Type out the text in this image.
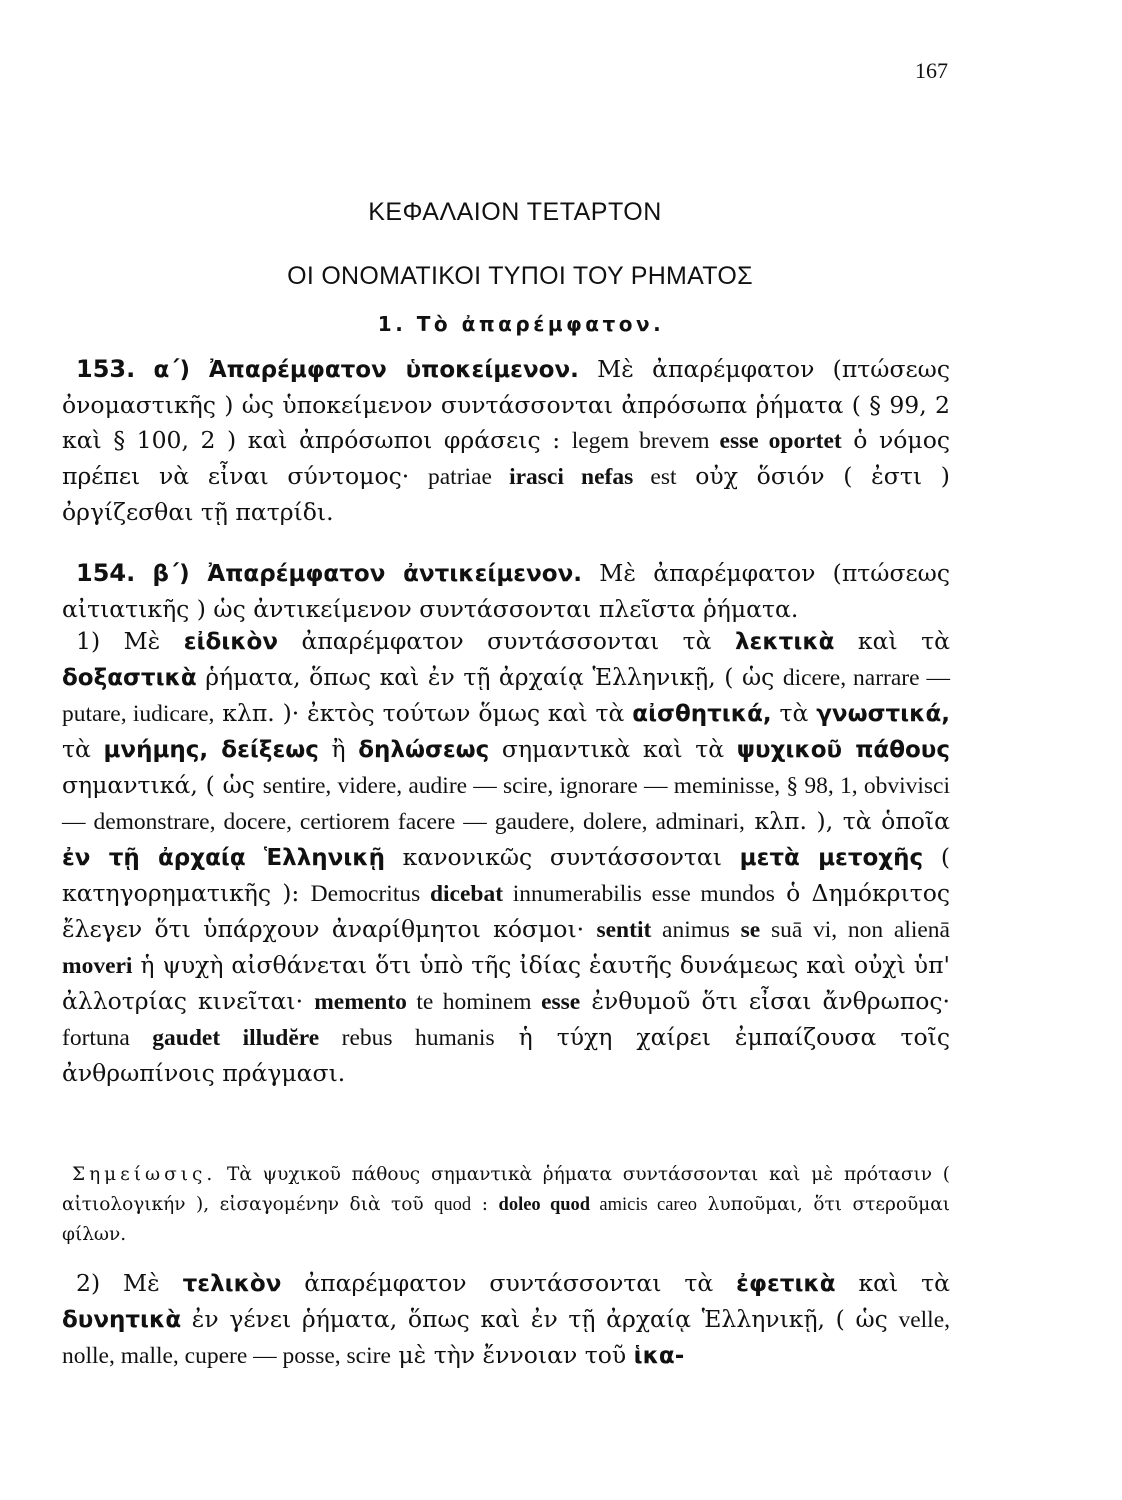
167
ΚΕΦΑΛΑΙΟΝ ΤΕΤΑΡΤΟΝ
ΟΙ ΟΝΟΜΑΤΙΚΟΙ ΤΥΠΟΙ ΤΟΥ ΡΗΜΑΤΟΣ
1. Τὸ ἀπαρέμφατον.

153. α΄) Ἀπαρέμφατον ὑποκείμενον. Μὲ ἀπαρέμφατον (πτώσεως ὀνομαστικῆς ) ὡς ὑποκείμενον συντάσσονται ἀπρόσωπα ῥήματα ( § 99, 2 καὶ § 100, 2 ) καὶ ἀπρόσωποι φράσεις : legem brevem esse oportet ὁ νόμος πρέπει νὰ εἶναι σύντομος· patriae irasci nefas est οὐχ ὅσιόν ( ἐστι ) ὀργίζεσθαι τῇ πατρίδι.

154. β΄) Ἀπαρέμφατον ἀντικείμενον. Μὲ ἀπαρέμφατον (πτώσεως αἰτιατικῆς ) ὡς ἀντικείμενον συντάσσονται πλεῖστα ῥήματα.

1) Μὲ εἰδικὸν ἀπαρέμφατον συντάσσονται τὰ λεκτικὰ καὶ τὰ δοξαστικὰ ῥήματα, ὅπως καὶ ἐν τῇ ἀρχαίᾳ Ἑλληνικῇ, ( ὡς dicere, narrare — putare, iudicare, κλπ. )· ἐκτὸς τούτων ὅμως καὶ τὰ αἰσθητικά, τὰ γνωστικά, τὰ μνήμης, δείξεως ἢ δηλώσεως σημαντικὰ καὶ τὰ ψυχικοῦ πάθους σημαντικά, ( ὡς sentire, videre, audire — scire, ignorare — meminisse, § 98, 1, obvivisci — demonstrare, docere, certiorem facere — gaudere, dolere, adminari, κλπ. ), τὰ ὁποῖα ἐν τῇ ἀρχαίᾳ Ἑλληνικῇ κανονικῶς συντάσσονται μετὰ μετοχῆς ( κατηγορηματικῆς ): Democritus dicebat innumerabilis esse mundos ὁ Δημόκριτος ἔλεγεν ὅτι ὑπάρχουν ἀναρίθμητοι κόσμοι· sentit animus se suā vi, non alienā moveri ἡ ψυχὴ αἰσθάνεται ὅτι ὑπὸ τῆς ἰδίας ἑαυτῆς δυνάμεως καὶ οὐχὶ ὑπ' ἀλλοτρίας κινεῖται· memento te hominem esse ἐνθυμοῦ ὅτι εἶσαι ἄνθρωπος· fortuna gaudet illudĕre rebus humanis ἡ τύχη χαίρει ἐμπαίζουσα τοῖς ἀνθρωπίνοις πράγμασι.

Σημείωσις. Τὰ ψυχικοῦ πάθους σημαντικὰ ῥήματα συντάσσονται καὶ μὲ πρότασιν ( αἰτιολογικήν ), εἰσαγομένην διὰ τοῦ quod : doleo quod amicis careo λυποῦμαι, ὅτι στεροῦμαι φίλων.

2) Μὲ τελικὸν ἀπαρέμφατον συντάσσονται τὰ ἐφετικὰ καὶ τὰ δυνητικὰ ἐν γένει ῥήματα, ὅπως καὶ ἐν τῇ ἀρχαίᾳ Ἑλληνικῇ, ( ὡς velle, nolle, malle, cupere — posse, scire μὲ τὴν ἔννοιαν τοῦ ἱκα-
